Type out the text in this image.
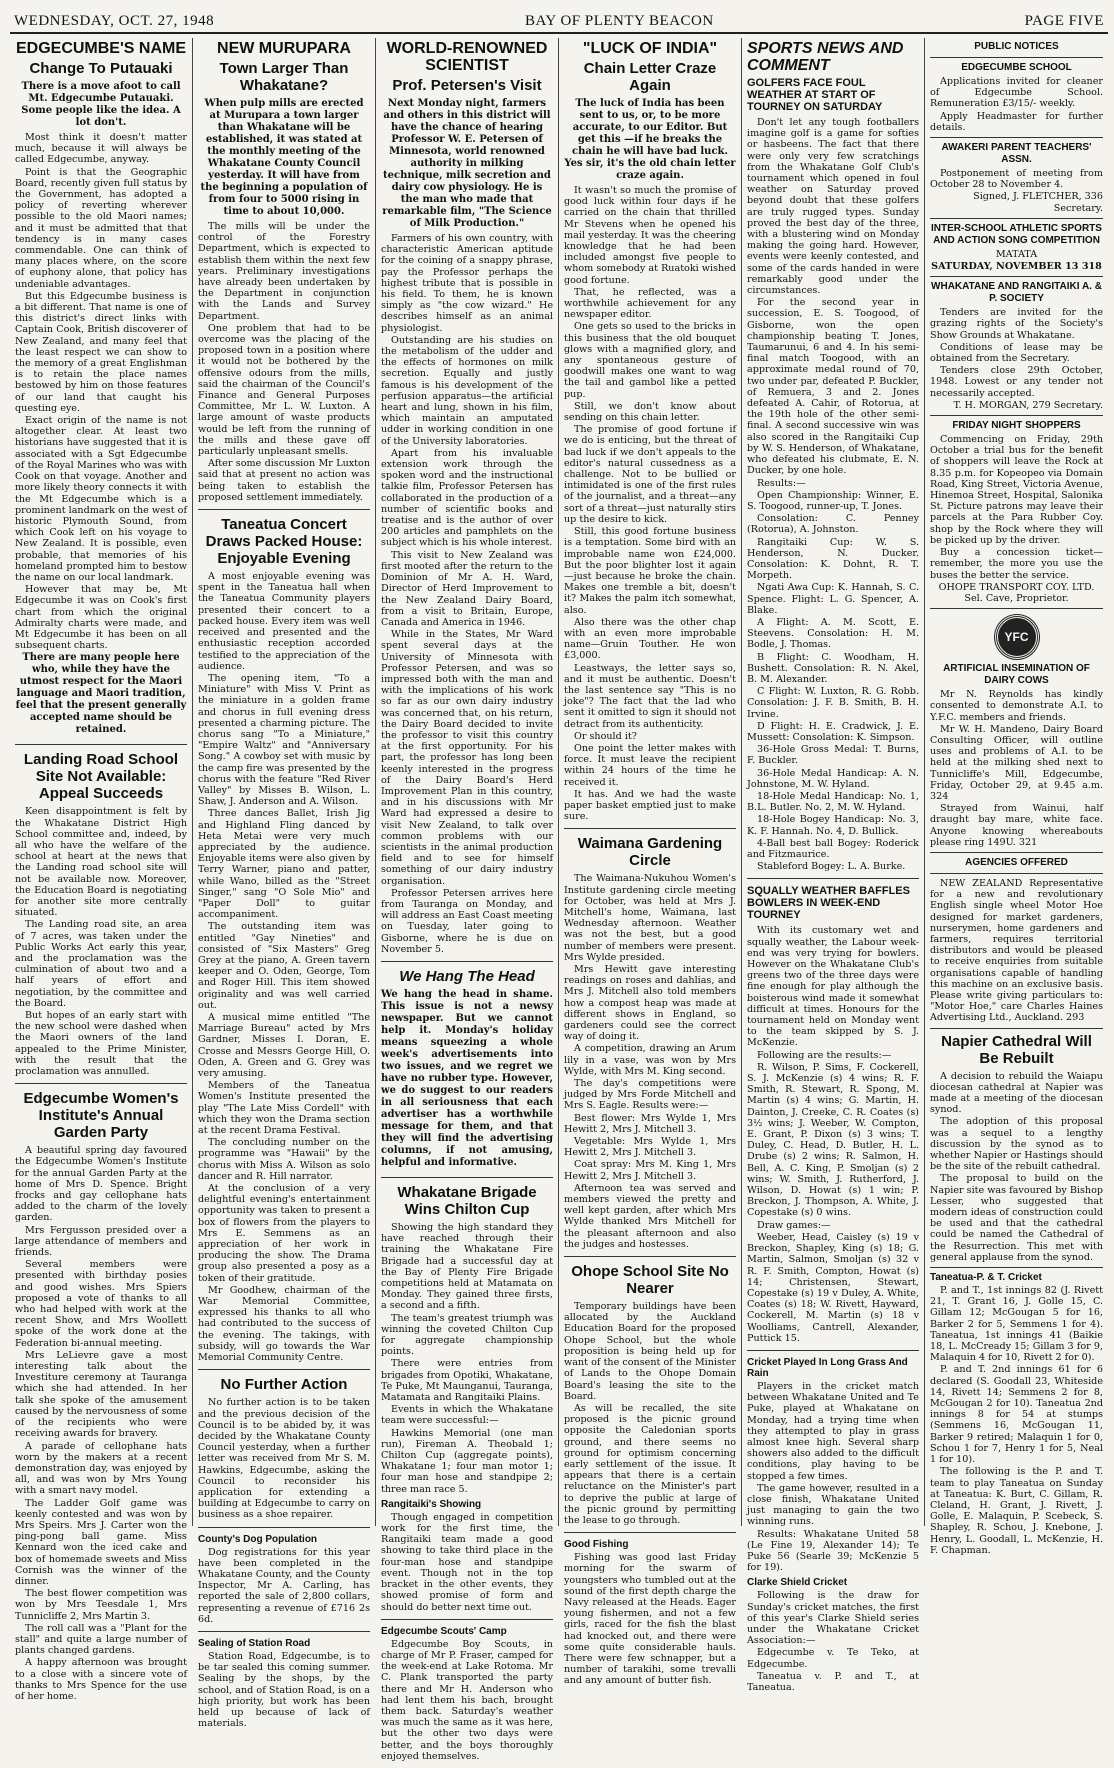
WEDNESDAY, OCT. 27, 1948	BAY OF PLENTY BEACON	PAGE FIVE
EDGECUMBE'S NAME
Change To Putauaki

There is a move afoot to call Mt. Edgecumbe Putauaki. Some people like the idea. A lot don't.

Most think it doesn't matter much, because it will always be called Edgecumbe, anyway.

Point is that the Geographic Board, recently given full status by the Government, has adopted a policy of reverting wherever possible to the old Maori names; and it must be admitted that that tendency is in many cases commendable. One can think of many places where, on the score of euphony alone, that policy has undeniable advantages.

But this Edgecumbe business is a bit different. That name is one of this district's direct links with Captain Cook, British discoverer of New Zealand, and many feel that the least respect we can show to the memory of a great Englishman is to retain the place names bestowed by him on those features of our land that caught his questing eye.

Exact origin of the name is not altogether clear. At least two historians have suggested that it is associated with a Sgt Edgecumbe of the Royal Marines who was with Cook on that voyage. Another and more likely theory connects it with the Mt Edgecumbe which is a prominent landmark on the west of historic Plymouth Sound, from which Cook left on his voyage to New Zealand. It is possible, even probable, that memories of his homeland prompted him to bestow the name on our local landmark.

However that may be, Mt Edgecumbe it was on Cook's first chart from which the original Admiralty charts were made, and Mt Edgecumbe it has been on all subsequent charts.

There are many people here who, while they have the utmost respect for the Maori language and Maori tradition, feel that the present generally accepted name should be retained.

Landing Road School Site Not Available: Appeal Succeeds

Keen disappointment is felt by the Whakatane District High School committee and, indeed, by all who have the welfare of the school at heart at the news that the Landing road school site will not be available now. Moreover, the Education Board is negotiating for another site more centrally situated.

The Landing road site, an area of 7 acres, was taken under the Public Works Act early this year, and the proclamation was the culmination of about two and a half years of effort and negotiation, by the committee and the Board.

But hopes of an early start with the new school were dashed when the Maori owners of the land appealed to the Prime Minister, with the result that the proclamation was annulled.

Edgecumbe Women's Institute's Annual Garden Party

A beautiful spring day favoured the Edgecumbe Women's Institute for the annual Garden Party at the home of Mrs D. Spence. Bright frocks and gay cellophane hats added to the charm of the lovely garden.

Mrs Fergusson presided over a large attendance of members and friends.

Several members were presented with birthday posies and good wishes. Mrs Spiers proposed a vote of thanks to all who had helped with work at the recent Show, and Mrs Woollett spoke of the work done at the Federation bi-annual meeting.

Mrs LeLievre gave a most interesting talk about the Investiture ceremony at Tauranga which she had attended. In her talk she spoke of the amusement caused by the nervousness of some of the recipients who were receiving awards for bravery.

A parade of cellophane hats worn by the makers at a recent demonstration day, was enjoyed by all, and was won by Mrs Young with a smart navy model.

The Ladder Golf game was keenly contested and was won by Mrs Speirs. Mrs J. Carter won the ping-pong ball game. Miss Kennard won the iced cake and box of homemade sweets and Miss Cornish was the winner of the dinner.

The best flower competition was won by Mrs Teesdale 1, Mrs Tunnicliffe 2, Mrs Martin 3.

The roll call was a "Plant for the stall" and quite a large number of plants changed gardens.

A happy afternoon was brought to a close with a sincere vote of thanks to Mrs Spence for the use of her home.

NEW MURUPARA
Town Larger Than Whakatane?

When pulp mills are erected at Murupara a town larger than Whakatane will be established, it was stated at the monthly meeting of the Whakatane County Council yesterday. It will have from the beginning a population of from four to 5000 rising in time to about 10,000.

The mills will be under the control of the Forestry Department, which is expected to establish them within the next few years. Preliminary investigations have already been undertaken by the Department in conjunction with the Lands and Survey Department.

One problem that had to be overcome was the placing of the proposed town in a position where it would not be bothered by the offensive odours from the mills, said the chairman of the Council's Finance and General Purposes Committee, Mr L. W. Luxton. A large amount of waste products would be left from the running of the mills and these gave off particularly unpleasant smells.

After some discussion Mr Luxton said that at present no action was being taken to establish the proposed settlement immediately.

Taneatua Concert Draws Packed House: Enjoyable Evening

A most enjoyable evening was spent in the Taneatua hall when the Taneatua Community players presented their concert to a packed house. Every item was well received and presented and the enthusiastic reception accorded testified to the appreciation of the audience.

The opening item, "To a Miniature" with Miss V. Print as the miniature in a golden frame and chorus in full evening dress presented a charming picture. The chorus sang "To a Miniature," "Empire Waltz" and "Anniversary Song." A cowboy set with music by the camp fire was presented by the chorus with the feature "Red River Valley" by Misses B. Wilson, L. Shaw, J. Anderson and A. Wilson.

Three dances Ballet, Irish Jig and Highland Fling danced by Heta Metai were very much appreciated by the audience. Enjoyable items were also given by Terry Warner, piano and patter, while Wano, billed as the "Street Singer," sang "O Sole Mio" and "Paper Doll" to guitar accompaniment.

The outstanding item was entitled "Gay Nineties" and consisted of "Six Masters" Greg Grey at the piano, A. Green tavern keeper and O. Oden, George, Tom and Roger Hill. This item showed originality and was well carried out.

A musical mime entitled "The Marriage Bureau" acted by Mrs Gardner, Misses I. Doran, E. Crosse and Messrs George Hill, O. Oden, A. Green and G. Grey was very amusing.

Members of the Taneatua Women's Institute presented the play "The Late Miss Cordell" with which they won the Drama section at the recent Drama Festival.

The concluding number on the programme was "Hawaii" by the chorus with Miss A. Wilson as solo dancer and R. Hill narrator.

At the conclusion of a very delightful evening's entertainment opportunity was taken to present a box of flowers from the players to Mrs E. Semmens as an appreciation of her work in producing the show. The Drama group also presented a posy as a token of their gratitude.

Mr Goodhew, chairman of the War Memorial Committee, expressed his thanks to all who had contributed to the success of the evening. The takings, with subsidy, will go towards the War Memorial Community Centre.

No Further Action

No further action is to be taken and the previous decision of the Council is to be abided by, it was decided by the Whakatane County Council yesterday, when a further letter was received from Mr S. M. Hawkins, Edgecumbe, asking the Council to reconsider his application for extending a building at Edgecumbe to carry on business as a shoe repairer.

County's Dog Population

Dog registrations for this year have been completed in the Whakatane County, and the County Inspector, Mr A. Carling, has reported the sale of 2,800 collars, representing a revenue of £716 2s 6d.

Sealing of Station Road

Station Road, Edgecumbe, is to be tar sealed this coming summer. Sealing by the shops, by the school, and of Station Road, is on a high priority, but work has been held up because of lack of materials.

WORLD-RENOWNED SCIENTIST
Prof. Petersen's Visit

Next Monday night, farmers and others in this district will have the chance of hearing Professor W. E. Petersen of Minnesota, world renowned authority in milking technique, milk secretion and dairy cow physiology. He is the man who made that remarkable film, "The Science of Milk Production."

Farmers of his own country, with characteristic American aptitude for the coining of a snappy phrase, pay the Professor perhaps the highest tribute that is possible in his field. To them, he is known simply as "the cow wizard." He describes himself as an animal physiologist.

Outstanding are his studies on the metabolism of the udder and the effects of hormones on milk secretion. Equally and justly famous is his development of the perfusion apparatus—the artificial heart and lung, shown in his film, which maintain an amputated udder in working condition in one of the University laboratories.

Apart from his invaluable extension work through the spoken word and the instructional talkie film, Professor Petersen has collaborated in the production of a number of scientific books and treatise and is the author of over 200 articles and pamphlets on the subject which is his whole interest.

This visit to New Zealand was first mooted after the return to the Dominion of Mr A. H. Ward, Director of Herd Improvement to the New Zealand Dairy Board, from a visit to Britain, Europe, Canada and America in 1946.

While in the States, Mr Ward spent several days at the University of Minnesota with Professor Petersen, and was so impressed both with the man and with the implications of his work so far as our own dairy industry was concerned that, on his return, the Dairy Board decided to invite the professor to visit this country at the first opportunity. For his part, the professor has long been keenly interested in the progress of the Dairy Board's Herd Improvement Plan in this country, and in his discussions with Mr Ward had expressed a desire to visit New Zealand, to talk over common problems with our scientists in the animal production field and to see for himself something of our dairy industry organisation.

Professor Petersen arrives here from Tauranga on Monday, and will address an East Coast meeting on Tuesday, later going to Gisborne, where he is due on November 5.

We Hang The Head

We hang the head in shame. This issue is not a newsy newspaper. But we cannot help it. Monday's holiday means squeezing a whole week's advertisements into two issues, and we regret we have no rubber type. However, we do suggest to our readers in all seriousness that each advertiser has a worthwhile message for them, and that they will find the advertising columns, if not amusing, helpful and informative.

Whakatane Brigade Wins Chilton Cup

Showing the high standard they have reached through their training the Whakatane Fire Brigade had a successful day at the Bay of Plenty Fire Brigade competitions held at Matamata on Monday. They gained three firsts, a second and a fifth.

The team's greatest triumph was winning the coveted Chilton Cup for aggregate championship points.

There were entries from brigades from Opotiki, Whakatane, Te Puke, Mt Maunganui, Tauranga, Matamata and Rangitaiki Plains.

Events in which the Whakatane team were successful:—

Hawkins Memorial (one man run), Fireman A. Theobald 1; Chilton Cup (aggregate points), Whakatane 1; four man motor 1; four man hose and standpipe 2; three man race 5.

Rangitaiki's Showing

Though engaged in competition work for the first time, the Rangitaiki team made a good showing to take third place in the four-man hose and standpipe event. Though not in the top bracket in the other events, they showed promise of form and should do better next time out.

Edgecumbe Scouts' Camp

Edgecumbe Boy Scouts, in charge of Mr P. Fraser, camped for the week-end at Lake Rotoma. Mr C. Plank transported the party there and Mr H. Anderson who had lent them his bach, brought them back. Saturday's weather was much the same as it was here, but the other two days were better, and the boys thoroughly enjoyed themselves.

"LUCK OF INDIA"
Chain Letter Craze Again

The luck of India has been sent to us, or, to be more accurate, to our Editor. But get this —if he breaks the chain he will have bad luck. Yes sir, it's the old chain letter craze again.

It wasn't so much the promise of good luck within four days if he carried on the chain that thrilled Mr Stevens when he opened his mail yesterday. It was the cheering knowledge that he had been included amongst five people to whom somebody at Ruatoki wished good fortune.

That, he reflected, was a worthwhile achievement for any newspaper editor.

One gets so used to the bricks in this business that the old bouquet glows with a magnified glory, and any spontaneous gesture of goodwill makes one want to wag the tail and gambol like a petted pup.

Still, we don't know about sending on this chain letter.

The promise of good fortune if we do is enticing, but the threat of bad luck if we don't appeals to the editor's natural cussedness as a challenge. Not to be bullied or intimidated is one of the first rules of the journalist, and a threat—any sort of a threat—just naturally stirs up the desire to kick.

Still, this good fortune business is a temptation. Some bird with an improbable name won £24,000. But the poor blighter lost it again—just because he broke the chain. Makes one tremble a bit, doesn't it? Makes the palm itch somewhat, also.

Also there was the other chap with an even more improbable name—Gruin Touther. He won £3,000.

Leastways, the letter says so, and it must be authentic. Doesn't the last sentence say "This is no joke"? The fact that the lad who sent it omitted to sign it should not detract from its authenticity.

Or should it?

One point the letter makes with force. It must leave the recipient within 24 hours of the time he received it.

It has. And we had the waste paper basket emptied just to make sure.

Waimana Gardening Circle

The Waimana-Nukuhou Women's Institute gardening circle meeting for October, was held at Mrs J. Mitchell's home, Waimana, last Wednesday afternoon. Weather was not the best, but a good number of members were present. Mrs Wylde presided.

Mrs Hewitt gave interesting readings on roses and dahlias, and Mrs J. Mitchell also told members how a compost heap was made at different shows in England, so gardeners could see the correct way of doing it.

A competition, drawing an Arum lily in a vase, was won by Mrs Wylde, with Mrs M. King second.

The day's competitions were judged by Mrs Forde Mitchell and Mrs S. Eagle. Results were:—

Best flower: Mrs Wylde 1, Mrs Hewitt 2, Mrs J. Mitchell 3.

Vegetable: Mrs Wylde 1, Mrs Hewitt 2, Mrs J. Mitchell 3.

Coat spray: Mrs M. King 1, Mrs Hewitt 2, Mrs J. Mitchell 3.

Afternoon tea was served and members viewed the pretty and well kept garden, after which Mrs Wylde thanked Mrs Mitchell for the pleasant afternoon and also the judges and hostesses.

Ohope School Site No Nearer

Temporary buildings have been allocated by the Auckland Education Board for the proposed Ohope School, but the whole proposition is being held up for want of the consent of the Minister of Lands to the Ohope Domain Board's leasing the site to the Board.

As will be recalled, the site proposed is the picnic ground opposite the Caledonian sports ground, and there seems no ground for optimism concerning early settlement of the issue. It appears that there is a certain reluctance on the Minister's part to deprive the public at large of the picnic ground by permitting the lease to go through.

Good Fishing

Fishing was good last Friday morning for the swarm of youngsters who tumbled out at the sound of the first depth charge the Navy released at the Heads. Eager young fishermen, and not a few girls, raced for the fish the blast had knocked out, and there were some quite considerable hauls. There were few schnapper, but a number of tarakihi, some trevalli and any amount of butter fish.

SPORTS NEWS AND COMMENT
GOLFERS FACE FOUL WEATHER AT START OF TOURNEY ON SATURDAY

Don't let any tough footballers imagine golf is a game for softies or hasbeens. The fact that there were only very few scratchings from the Whakatane Golf Club's tournament which opened in foul weather on Saturday proved beyond doubt that these golfers are truly rugged types. Sunday proved the best day of the three, with a blustering wind on Monday making the going hard. However, events were keenly contested, and some of the cards handed in were remarkably good under the circumstances.

For the second year in succession, E. S. Toogood, of Gisborne, won the open championship beating T. Jones, Taumarunui, 6 and 4. In his semi-final match Toogood, with an approximate medal round of 70, two under par, defeated P. Buckler, of Remuera, 3 and 2. Jones defeated A. Cahir, of Rotorua, at the 19th hole of the other semi-final. A second successive win was also scored in the Rangitaiki Cup by W. S. Henderson, of Whakatane, who defeated his clubmate, E. N. Ducker, by one hole.

Results:—

Open Championship: Winner, E. S. Toogood, runner-up, T. Jones.

Consolation: C. Penney (Rotorua), A. Johnston.

Rangitaiki Cup: W. S. Henderson, N. Ducker. Consolation: K. Dohnt, R. T. Morpeth.

Ngati Awa Cup: K. Hannah, S. C. Spence. Flight: L. G. Spencer, A. Blake.

A Flight: A. M. Scott, E. Steevens. Consolation: H. M. Bodle, J. Thomas.

B Flight: C. Woodham, H. Bushett. Consolation: R. N. Akel, B. M. Alexander.

C Flight: W. Luxton, R. G. Robb. Consolation: J. F. B. Smith, B. H. Irvine.

D Flight: H. E. Cradwick, J. E. Mussett: Consolation: K. Simpson.

36-Hole Gross Medal: T. Burns, F. Buckler.

36-Hole Medal Handicap: A. N. Johnstone, M. W. Hyland.

18-Hole Medal Handicap: No. 1, B.L. Butler. No. 2, M. W. Hyland.

18-Hole Bogey Handicap: No. 3, K. F. Hannah. No. 4, D. Bullick.

4-Ball best ball Bogey: Roderick and Fitzmaurice.

Stableford Bogey: L. A. Burke.

SQUALLY WEATHER BAFFLES BOWLERS IN WEEK-END TOURNEY

With its customary wet and squally weather, the Labour week-end was very trying for bowlers. However on the Whakatane Club's greens two of the three days were fine enough for play although the boisterous wind made it somewhat difficult at times. Honours for the tournament held on Monday went to the team skipped by S. J. McKenzie.

Following are the results:—

R. Wilson, P. Sims, F. Cockerell, S. J. McKenzie (s) 4 wins; R. F. Smith, R. Stewart, R. Spong, M. Martin (s) 4 wins; G. Martin, H. Dainton, J. Creeke, C. R. Coates (s) 3½ wins; J. Weeber, W. Compton, E. Grant, P. Dixon (s) 3 wins; T. Duley, C. Head, D. Butler, H. L. Drube (s) 2 wins; R. Salmon, H. Bell, A. C. King, P. Smoljan (s) 2 wins; W. Smith, J. Rutherford, J. Wilson, D. Howat (s) 1 win; P. Breckon, J. Thompson, A. White, J. Copestake (s) 0 wins.

Draw games:—

Weeber, Head, Caisley (s) 19 v Breckon, Shapley, King (s) 18; G. Martin, Salmon, Smoljan (s) 32 v R. F. Smith, Compton, Howat (s) 14; Christensen, Stewart, Copestake (s) 19 v Duley, A. White, Coates (s) 18; W. Rivett, Hayward, Cockerell, M. Martin (s) 18 v Woolliams, Cantrell, Alexander, Puttick 15.

Cricket Played In Long Grass And Rain

Players in the cricket match between Whakatane United and Te Puke, played at Whakatane on Monday, had a trying time when they attempted to play in grass almost knee high. Several sharp showers also added to the difficult conditions, play having to be stopped a few times.

The game however, resulted in a close finish, Whakatane United just managing to gain the two winning runs.

Results: Whakatane United 58 (Le Fine 19, Alexander 14); Te Puke 56 (Searle 39; McKenzie 5 for 19).

Clarke Shield Cricket

Following is the draw for Sunday's cricket matches, the first of this year's Clarke Shield series under the Whakatane Cricket Association:—

Edgecumbe v. Te Teko, at Edgecumbe.

Taneatua v. P. and T., at Taneatua.

PUBLIC NOTICES
EDGECUMBE SCHOOL

Applications invited for cleaner of Edgecumbe School. Remuneration £3/15/- weekly.

Apply Headmaster for further details.

AWAKERI PARENT TEACHERS' ASSN.

Postponement of meeting from October 28 to November 4.

Signed, J. FLETCHER, 336 Secretary.

INTER-SCHOOL ATHLETIC SPORTS AND ACTION SONG COMPETITION

MATATA

SATURDAY, NOVEMBER 13 318

WHAKATANE AND RANGITAIKI A. & P. SOCIETY

Tenders are invited for the grazing rights of the Society's Show Grounds at Whakatane.

Conditions of lease may be obtained from the Secretary.

Tenders close 29th October, 1948. Lowest or any tender not necessarily accepted.

T. H. MORGAN, 279 Secretary.

FRIDAY NIGHT SHOPPERS

Commencing on Friday, 29th October a trial bus for the benefit of shoppers will leave the Rock at 8.35 p.m. for Kopeopeo via Domain Road, King Street, Victoria Avenue, Hinemoa Street, Hospital, Salonika St. Picture patrons may leave their parcels at the Para Rubber Coy. shop by the Rock where they will be picked up by the driver.

Buy a concession ticket—remember, the more you use the buses the better the service.

OHOPE TRANSPORT COY. LTD. Sel. Cave, Proprietor.

YFC
ARTIFICIAL INSEMINATION OF DAIRY COWS

Mr N. Reynolds has kindly consented to demonstrate A.I. to Y.F.C. members and friends.

Mr W. H. Mandeno, Dairy Board Consulting Officer, will outline uses and problems of A.I. to be held at the milking shed next to Tunnicliffe's Mill, Edgecumbe, Friday, October 29, at 9.45 a.m. 324

Strayed from Wainui, half draught bay mare, white face. Anyone knowing whereabouts please ring 149U. 321

AGENCIES OFFERED

NEW ZEALAND Representative for a new and revolutionary English single wheel Motor Hoe designed for market gardeners, nurserymen, home gardeners and farmers, requires territorial distributors and would be pleased to receive enquiries from suitable organisations capable of handling this machine on an exclusive basis. Please write giving particulars to: "Motor Hoe," care Charles Haines Advertising Ltd., Auckland. 293

Napier Cathedral Will Be Rebuilt

A decision to rebuild the Waiapu diocesan cathedral at Napier was made at a meeting of the diocesan synod.

The adoption of this proposal was a sequel to a lengthy discussion by the synod as to whether Napier or Hastings should be the site of the rebuilt cathedral.

The proposal to build on the Napier site was favoured by Bishop Lesser, who suggested that modern ideas of construction could be used and that the cathedral could be named the Cathedral of the Resurrection. This met with general applause from the synod.

Taneatua-P. & T. Cricket

P. and T., 1st innings 82 (J. Rivett 21, T. Grant 16, J. Golle 15, C. Gillam 12; McGougan 5 for 16, Barker 2 for 5, Semmens 1 for 4). Taneatua, 1st innings 41 (Baikie 18, L. McCready 15; Gillam 3 for 9, Malaquin 4 for 10, Rivett 2 for 0).

P. and T. 2nd innings 61 for 6 declared (S. Goodall 23, Whiteside 14, Rivett 14; Semmens 2 for 8, McGougan 2 for 10). Taneatua 2nd innings 8 for 54 at stumps (Semmens 16, McGougan 11, Barker 9 retired; Malaquin 1 for 0, Schou 1 for 7, Henry 1 for 5, Neal 1 for 10).

The following is the P. and T. team to play Taneatua on Sunday at Taneatua: K. Burt, C. Gillam, R. Cleland, H. Grant, J. Rivett, J. Golle, E. Malaquin, P. Scebeck, S. Shapley, R. Schou, J. Knebone, J. Henry, L. Goodall, L. McKenzie, H. F. Chapman.
